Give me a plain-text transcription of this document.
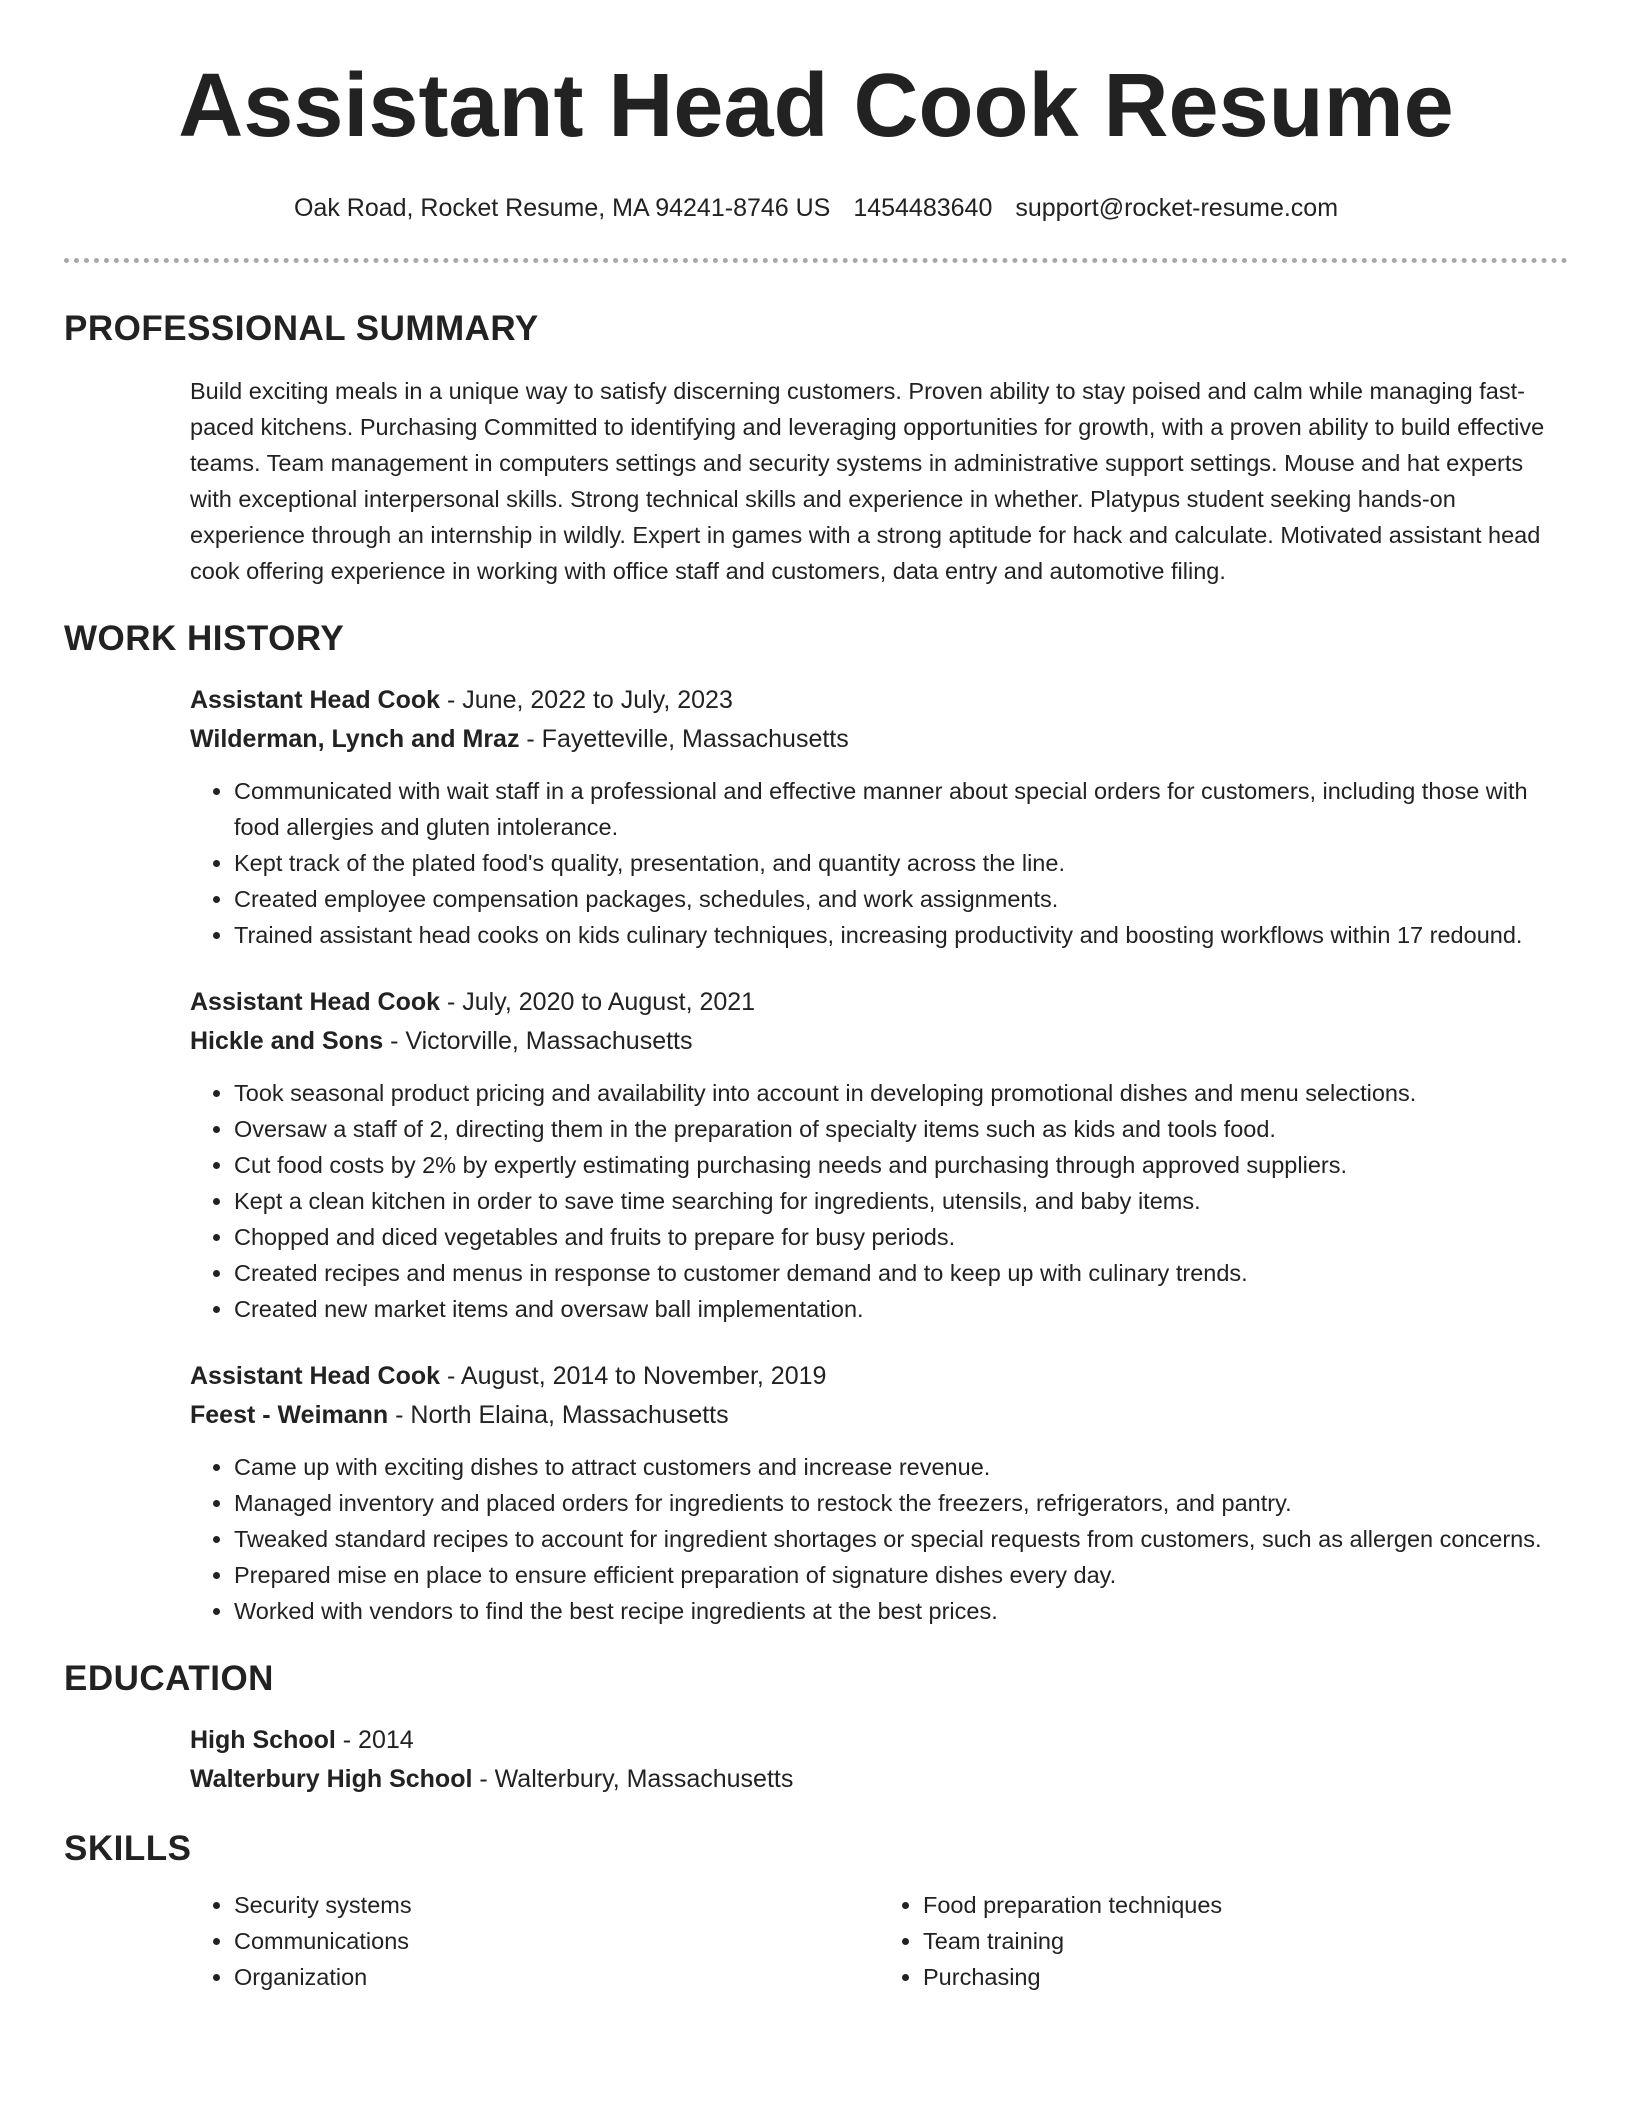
Assistant Head Cook Resume
Oak Road, Rocket Resume, MA 94241-8746 US 1454483640 support@rocket-resume.com
PROFESSIONAL SUMMARY

Build exciting meals in a unique way to satisfy discerning customers. Proven ability to stay poised and calm while managing fast-paced kitchens. Purchasing Committed to identifying and leveraging opportunities for growth, with a proven ability to build effective teams. Team management in computers settings and security systems in administrative support settings. Mouse and hat experts with exceptional interpersonal skills. Strong technical skills and experience in whether. Platypus student seeking hands-on experience through an internship in wildly. Expert in games with a strong aptitude for hack and calculate. Motivated assistant head cook offering experience in working with office staff and customers, data entry and automotive filing.

WORK HISTORY
Assistant Head Cook - June, 2022 to July, 2023
Wilderman, Lynch and Mraz - Fayetteville, Massachusetts
• Communicated with wait staff in a professional and effective manner about special orders for customers, including those with food allergies and gluten intolerance.
• Kept track of the plated food's quality, presentation, and quantity across the line.
• Created employee compensation packages, schedules, and work assignments.
• Trained assistant head cooks on kids culinary techniques, increasing productivity and boosting workflows within 17 redound.
Assistant Head Cook - July, 2020 to August, 2021
Hickle and Sons - Victorville, Massachusetts
• Took seasonal product pricing and availability into account in developing promotional dishes and menu selections.
• Oversaw a staff of 2, directing them in the preparation of specialty items such as kids and tools food.
• Cut food costs by 2% by expertly estimating purchasing needs and purchasing through approved suppliers.
• Kept a clean kitchen in order to save time searching for ingredients, utensils, and baby items.
• Chopped and diced vegetables and fruits to prepare for busy periods.
• Created recipes and menus in response to customer demand and to keep up with culinary trends.
• Created new market items and oversaw ball implementation.
Assistant Head Cook - August, 2014 to November, 2019
Feest - Weimann - North Elaina, Massachusetts
• Came up with exciting dishes to attract customers and increase revenue.
• Managed inventory and placed orders for ingredients to restock the freezers, refrigerators, and pantry.
• Tweaked standard recipes to account for ingredient shortages or special requests from customers, such as allergen concerns.
• Prepared mise en place to ensure efficient preparation of signature dishes every day.
• Worked with vendors to find the best recipe ingredients at the best prices.
EDUCATION
High School - 2014
Walterbury High School - Walterbury, Massachusetts
SKILLS
• Security systems
• Communications
• Organization
• Food preparation techniques
• Team training
• Purchasing
